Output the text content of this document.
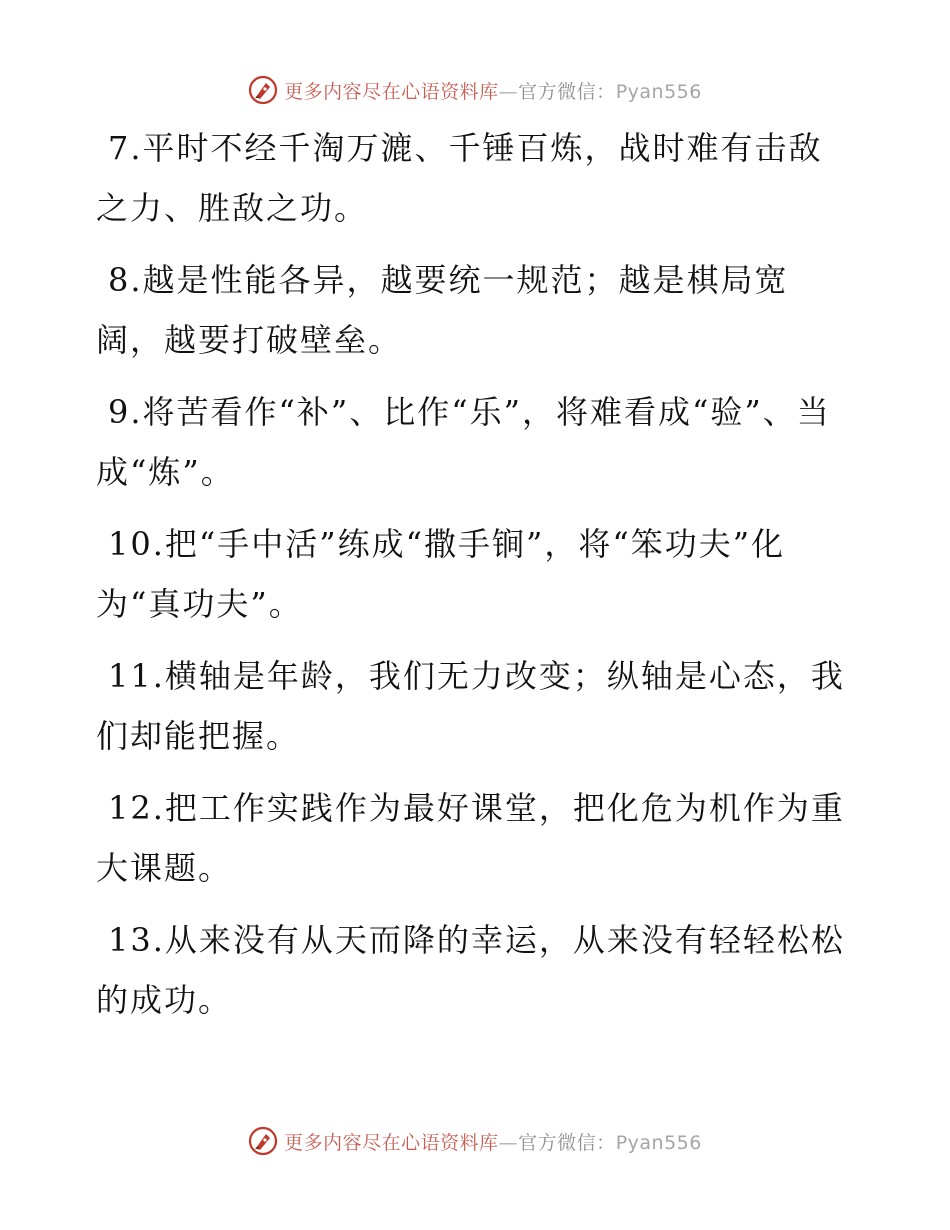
更多内容尽在心语资料库—官方微信：Pyan556

7.平时不经千淘万漉、千锤百炼，战时难有击敌之力、胜敌之功。

8.越是性能各异，越要统一规范；越是棋局宽阔，越要打破壁垒。

9.将苦看作“补”、比作“乐”，将难看成“验”、当成“炼”。

10.把“手中活”练成“撒手锏”，将“笨功夫”化为“真功夫”。

11.横轴是年龄，我们无力改变；纵轴是心态，我们却能把握。

12.把工作实践作为最好课堂，把化危为机作为重大课题。

13.从来没有从天而降的幸运，从来没有轻轻松松的成功。

更多内容尽在心语资料库—官方微信：Pyan556
